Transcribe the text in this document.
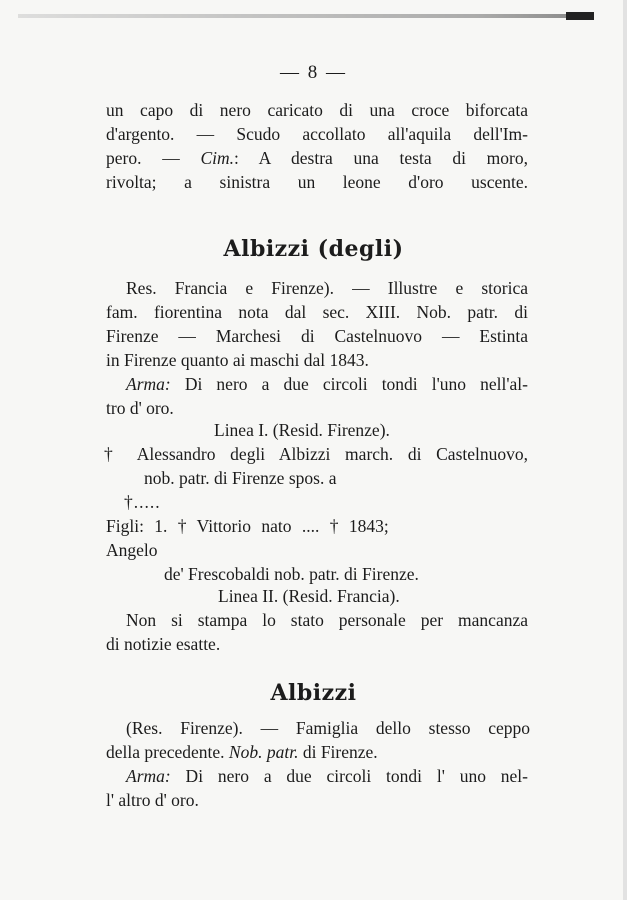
— 8 —
un capo di nero caricato di una croce biforcata
d'argento. — Scudo accollato all'aquila dell'Im-
pero. — Cim.: A destra una testa di moro,
rivolta; a sinistra un leone d'oro uscente.
Albizzi (degli)
Res. Francia e Firenze). — Illustre e storica
fam. fiorentina nota dal sec. XIII. Nob. patr. di
Firenze — Marchesi di Castelnuovo — Estinta
in Firenze quanto ai maschi dal 1843.
Arma: Di nero a due circoli tondi l'uno nell'al-
tro d' oro.
Linea I. (Resid. Firenze).
† Alessandro degli Albizzi march. di Castelnuovo,
nob. patr. di Firenze spos. a
†.....
Figli: 1. † Vittorio nato .... † 1843;
Angelo
de' Frescobaldi nob. patr. di Firenze.
Linea II. (Resid. Francia).
Non si stampa lo stato personale per mancanza
di notizie esatte.
Albizzi
(Res. Firenze). — Famiglia dello stesso ceppo
della precedente. Nob. patr. di Firenze.
Arma: Di nero a due circoli tondi l' uno nel-
l' altro d' oro.
